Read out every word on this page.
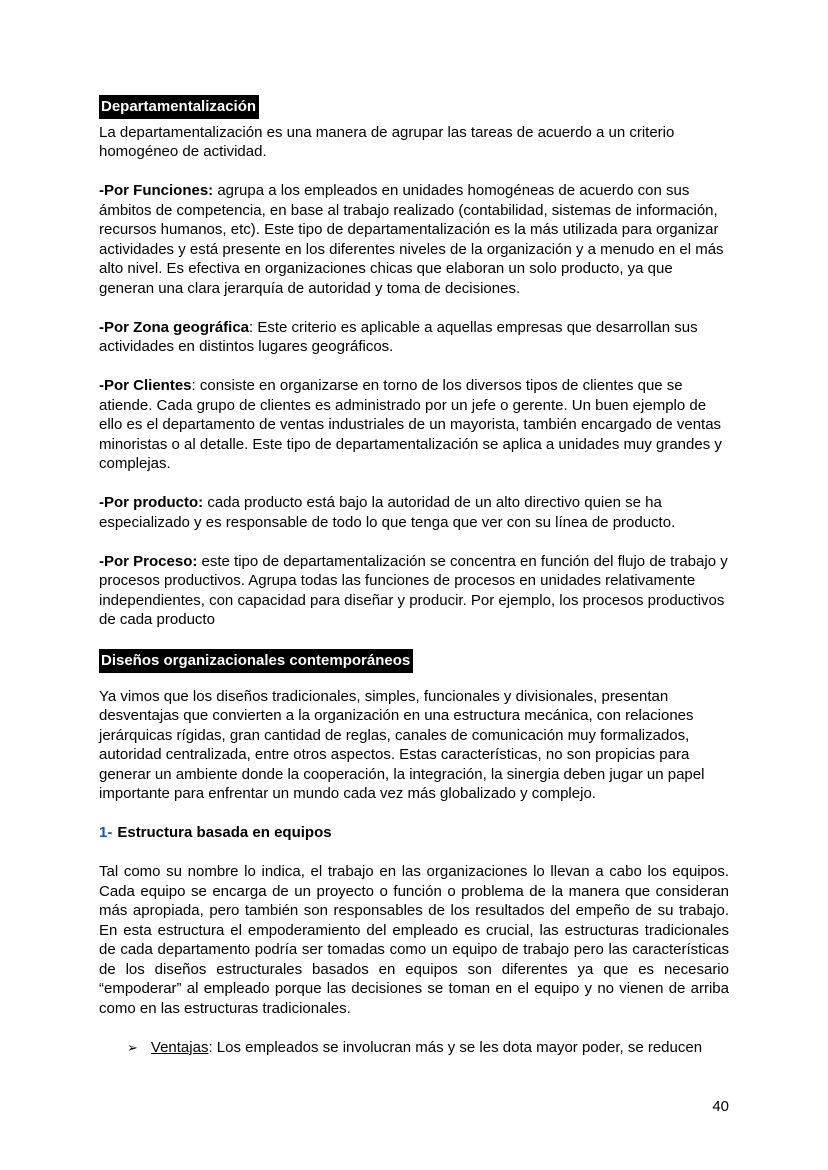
Departamentalización

La departamentalización es una manera de agrupar las tareas de acuerdo a un criterio homogéneo de actividad.

-Por Funciones: agrupa a los empleados en unidades homogéneas de acuerdo con sus ámbitos de competencia, en base al trabajo realizado (contabilidad, sistemas de información, recursos humanos, etc). Este tipo de departamentalización es la más utilizada para organizar actividades y está presente en los diferentes niveles de la organización y a menudo en el más alto nivel. Es efectiva en organizaciones chicas que elaboran un solo producto, ya que generan una clara jerarquía de autoridad y toma de decisiones.

-Por Zona geográfica: Este criterio es aplicable a aquellas empresas que desarrollan sus actividades en distintos lugares geográficos.

-Por Clientes: consiste en organizarse en torno de los diversos tipos de clientes que se atiende. Cada grupo de clientes es administrado por un jefe o gerente. Un buen ejemplo de ello es el departamento de ventas industriales de un mayorista, también encargado de ventas minoristas o al detalle. Este tipo de departamentalización se aplica a unidades muy grandes y complejas.

-Por producto: cada producto está bajo la autoridad de un alto directivo quien se ha especializado y es responsable de todo lo que tenga que ver con su línea de producto.

-Por Proceso: este tipo de departamentalización se concentra en función del flujo de trabajo y procesos productivos. Agrupa todas las funciones de procesos en unidades relativamente independientes, con capacidad para diseñar y producir. Por ejemplo, los procesos productivos de cada producto

Diseños organizacionales contemporáneos

Ya vimos que los diseños tradicionales, simples, funcionales y divisionales, presentan desventajas que convierten a la organización en una estructura mecánica, con relaciones jerárquicas rígidas, gran cantidad de reglas, canales de comunicación muy formalizados, autoridad centralizada, entre otros aspectos. Estas características, no son propicias para generar un ambiente donde la cooperación, la integración, la sinergia deben jugar un papel importante para enfrentar un mundo cada vez más globalizado y complejo.

1- Estructura basada en equipos

Tal como su nombre lo indica, el trabajo en las organizaciones lo llevan a cabo los equipos. Cada equipo se encarga de un proyecto o función o problema de la manera que consideran más apropiada, pero también son responsables de los resultados del empeño de su trabajo. En esta estructura el empoderamiento del empleado es crucial, las estructuras tradicionales de cada departamento podría ser tomadas como un equipo de trabajo pero las características de los diseños estructurales basados en equipos son diferentes ya que es necesario “empoderar” al empleado porque las decisiones se toman en el equipo y no vienen de arriba como en las estructuras tradicionales.

➢ Ventajas: Los empleados se involucran más y se les dota mayor poder, se reducen
40
